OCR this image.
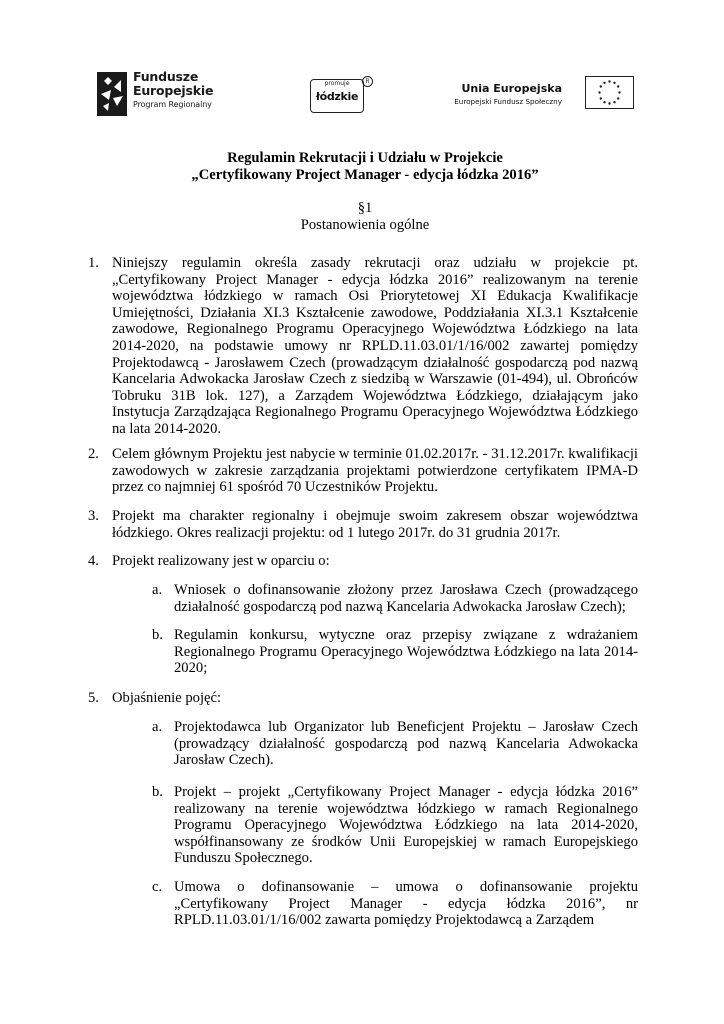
Fundusze
Europejskie
Program Regionalny
promuje
łódzkie
R
Unia Europejska
Europejski Fundusz Społeczny
Regulamin Rekrutacji i Udziału w Projekcie
„Certyfikowany Project Manager - edycja łódzka 2016”
§1
Postanowienia ogólne
1. Niniejszy regulamin określa zasady rekrutacji oraz udziału w projekcie pt. „Certyfikowany Project Manager - edycja łódzka 2016” realizowanym na terenie województwa łódzkiego w ramach Osi Priorytetowej XI Edukacja Kwalifikacje Umiejętności, Działania XI.3 Kształcenie zawodowe, Poddziałania XI.3.1 Kształcenie zawodowe, Regionalnego Programu Operacyjnego Województwa Łódzkiego na lata 2014-2020, na podstawie umowy nr RPLD.11.03.01/1/16/002 zawartej pomiędzy Projektodawcą - Jarosławem Czech (prowadzącym działalność gospodarczą pod nazwą Kancelaria Adwokacka Jarosław Czech z siedzibą w Warszawie (01-494), ul. Obrońców Tobruku 31B lok. 127), a Zarządem Województwa Łódzkiego, działającym jako Instytucja Zarządzająca Regionalnego Programu Operacyjnego Województwa Łódzkiego na lata 2014-2020.
2. Celem głównym Projektu jest nabycie w terminie 01.02.2017r. - 31.12.2017r. kwalifikacji zawodowych w zakresie zarządzania projektami potwierdzone certyfikatem IPMA-D przez co najmniej 61 spośród 70 Uczestników Projektu.
3. Projekt ma charakter regionalny i obejmuje swoim zakresem obszar województwa łódzkiego. Okres realizacji projektu: od 1 lutego 2017r. do 31 grudnia 2017r.
4. Projekt realizowany jest w oparciu o:
a. Wniosek o dofinansowanie złożony przez Jarosława Czech (prowadzącego działalność gospodarczą pod nazwą Kancelaria Adwokacka Jarosław Czech);
b. Regulamin konkursu, wytyczne oraz przepisy związane z wdrażaniem Regionalnego Programu Operacyjnego Województwa Łódzkiego na lata 2014-2020;
5. Objaśnienie pojęć:
a. Projektodawca lub Organizator lub Beneficjent Projektu – Jarosław Czech (prowadzący działalność gospodarczą pod nazwą Kancelaria Adwokacka Jarosław Czech).
b. Projekt – projekt „Certyfikowany Project Manager - edycja łódzka 2016” realizowany na terenie województwa łódzkiego w ramach Regionalnego Programu Operacyjnego Województwa Łódzkiego na lata 2014-2020, współfinansowany ze środków Unii Europejskiej w ramach Europejskiego Funduszu Społecznego.
c. Umowa o dofinansowanie – umowa o dofinansowanie projektu „Certyfikowany Project Manager - edycja łódzka 2016”, nr RPLD.11.03.01/1/16/002 zawarta pomiędzy Projektodawcą a Zarządem
